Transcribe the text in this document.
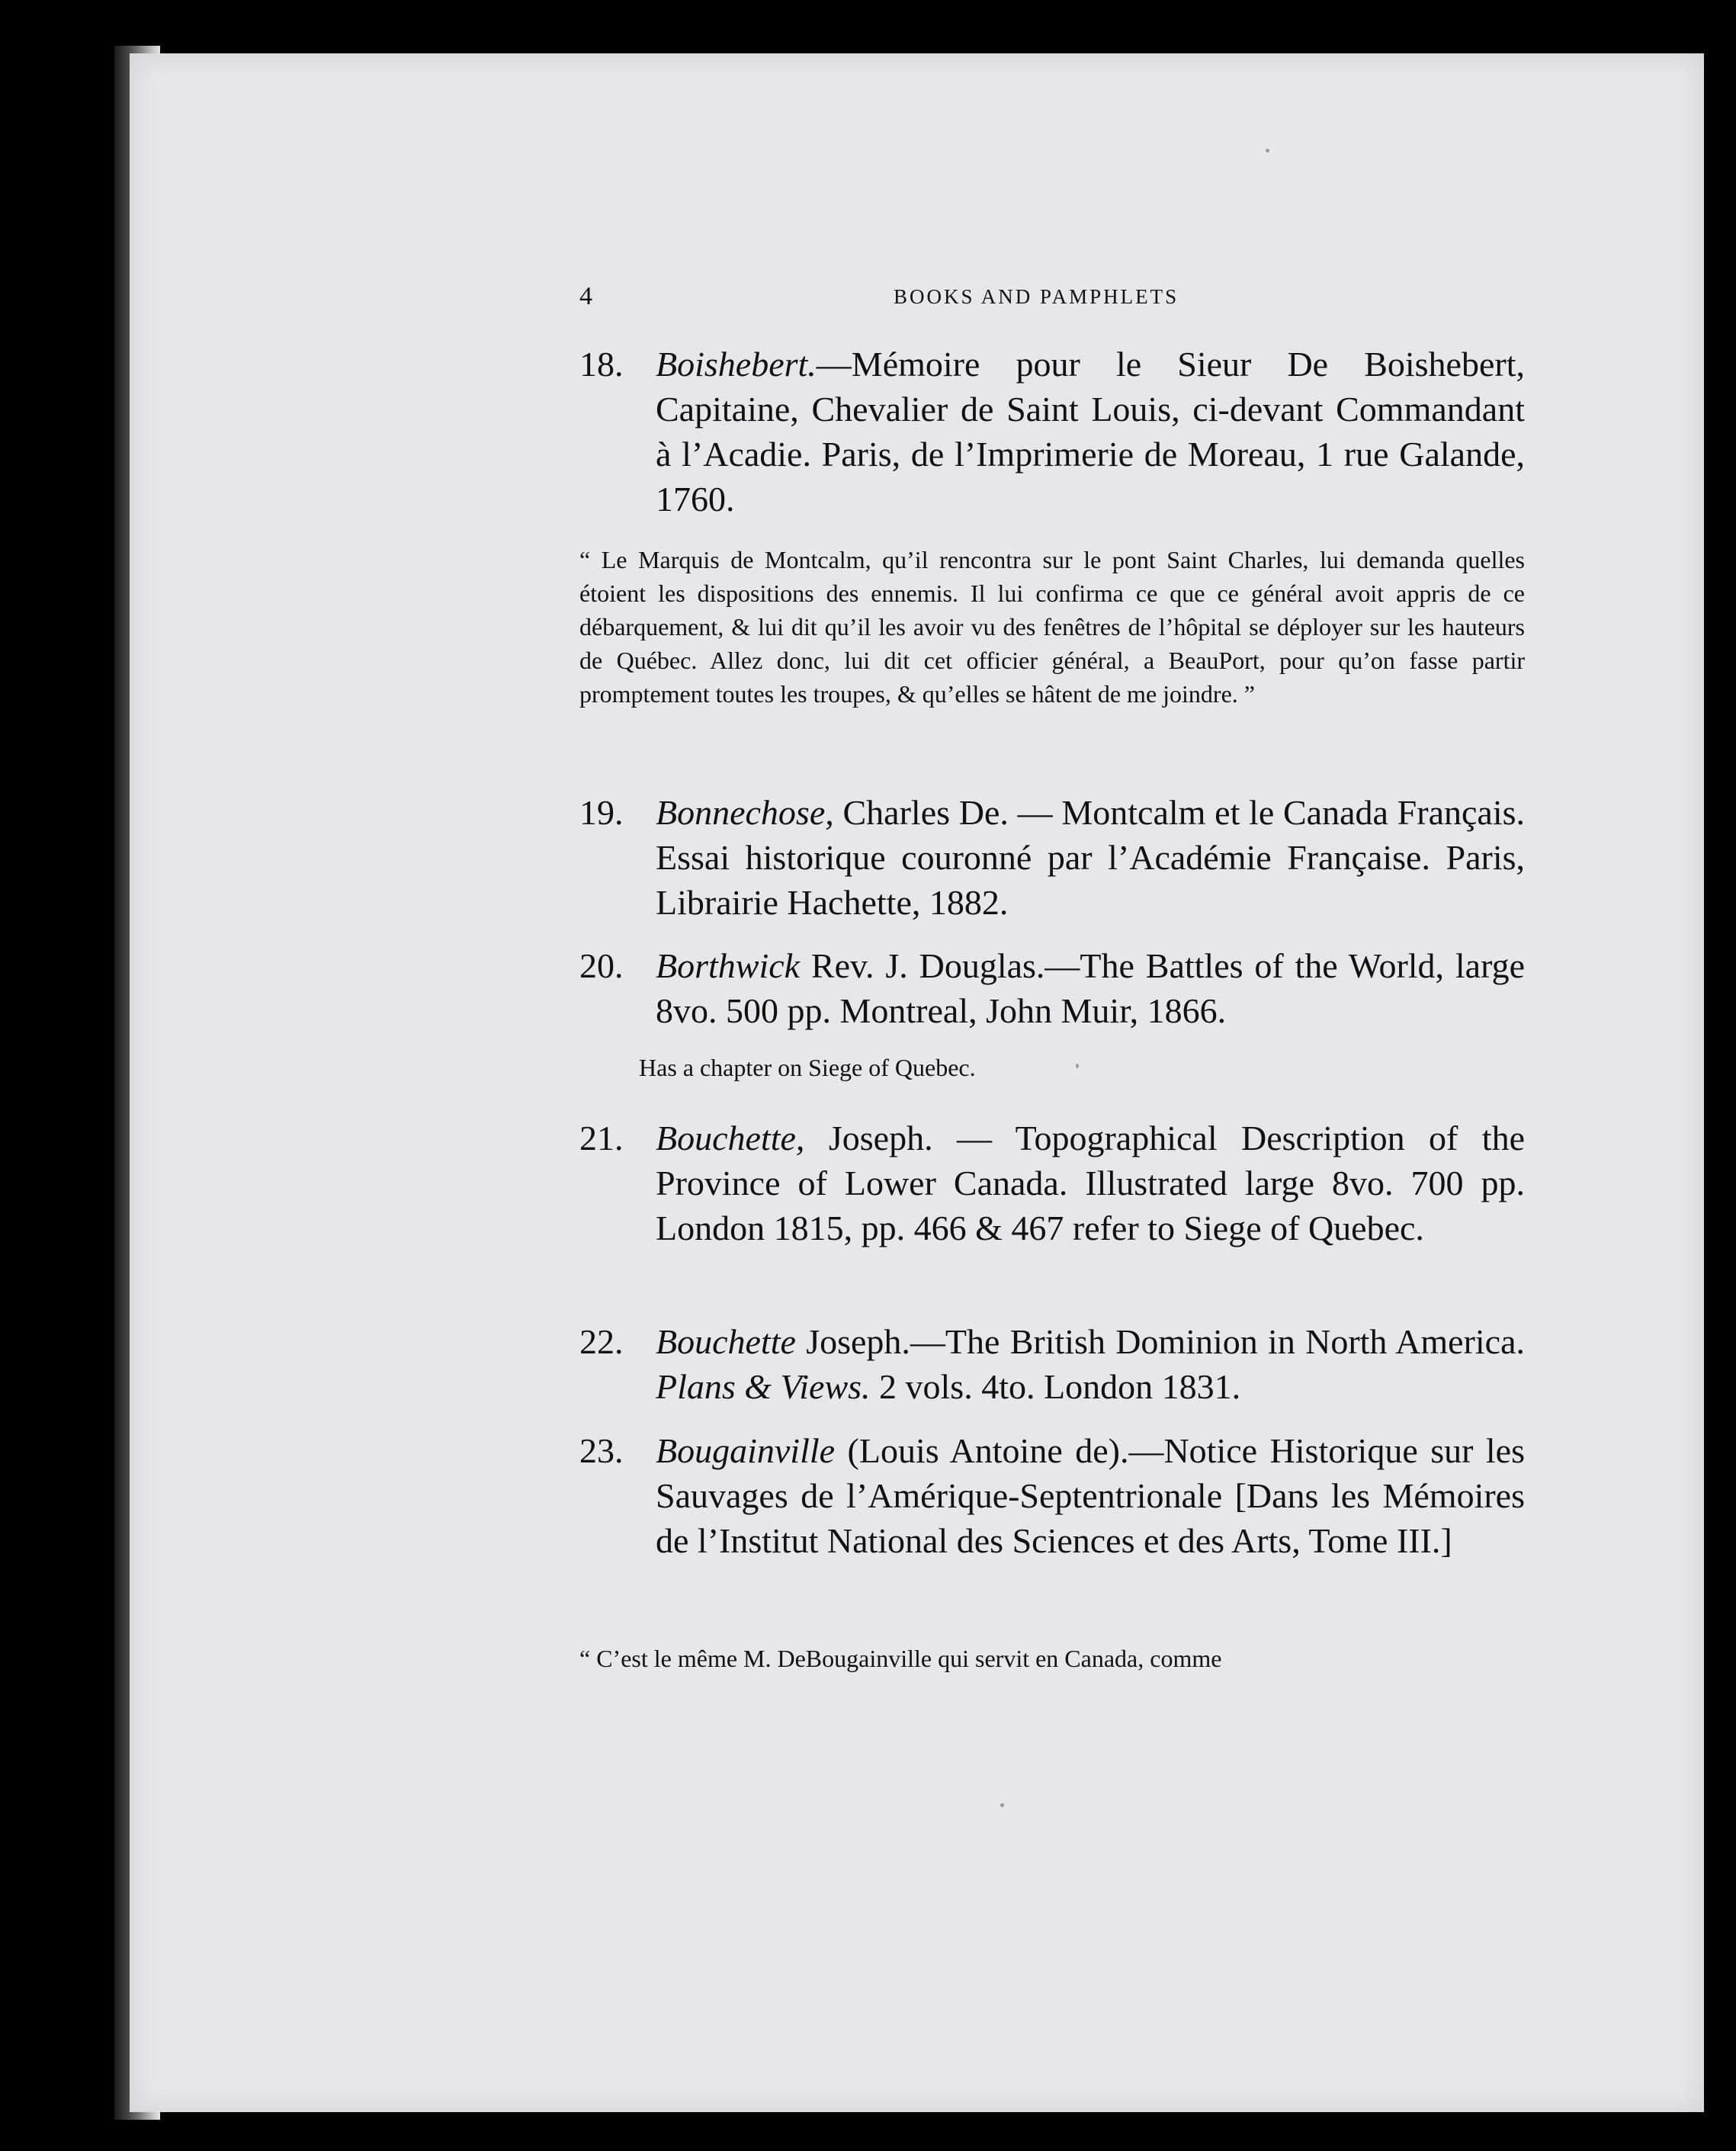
4	BOOKS AND PAMPHLETS
18. Boishebert.—Mémoire pour le Sieur De Boishebert, Capitaine, Chevalier de Saint Louis, ci-devant Commandant à l’Acadie. Paris, de l’Imprimerie de Moreau, 1 rue Galande, 1760.
“ Le Marquis de Montcalm, qu’il rencontra sur le pont Saint Charles, lui demanda quelles étoient les dispositions des ennemis. Il lui confirma ce que ce général avoit appris de ce débarquement, & lui dit qu’il les avoir vu des fenêtres de l’hôpital se déployer sur les hauteurs de Québec. Allez donc, lui dit cet officier général, a BeauPort, pour qu’on fasse partir promptement toutes les troupes, & qu’elles se hâtent de me joindre. ”
19. Bonnechose, Charles De. — Montcalm et le Canada Français. Essai historique couronné par l’Académie Française. Paris, Librairie Hachette, 1882.
20. Borthwick Rev. J. Douglas.—The Battles of the World, large 8vo. 500 pp. Montreal, John Muir, 1866.
Has a chapter on Siege of Quebec.
21. Bouchette, Joseph. — Topographical Description of the Province of Lower Canada. Illustrated large 8vo. 700 pp. London 1815, pp. 466 & 467 refer to Siege of Quebec.
22. Bouchette Joseph.—The British Dominion in North America. Plans & Views. 2 vols. 4to. London 1831.
23. Bougainville (Louis Antoine de).—Notice Historique sur les Sauvages de l’Amérique-Septentrionale [Dans les Mémoires de l’Institut National des Sciences et des Arts, Tome III.]
“ C’est le même M. DeBougainville qui servit en Canada, comme
